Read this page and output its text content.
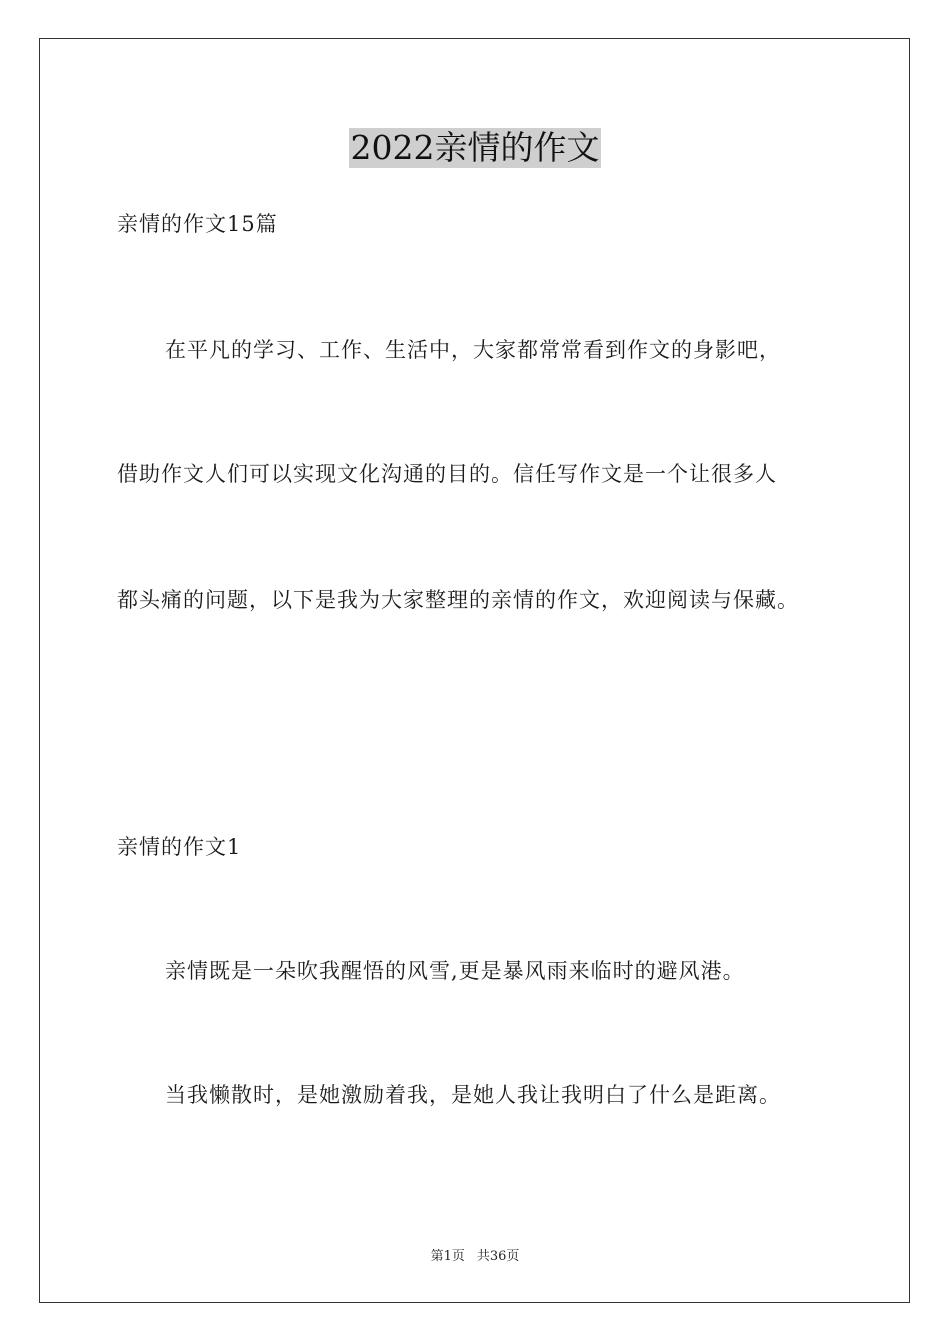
2022亲情的作文
亲情的作文15篇
在平凡的学习、工作、生活中，大家都常常看到作文的身影吧，
借助作文人们可以实现文化沟通的目的。信任写作文是一个让很多人
都头痛的问题，以下是我为大家整理的亲情的作文，欢迎阅读与保藏。
亲情的作文1
亲情既是一朵吹我醒悟的风雪,更是暴风雨来临时的避风港。
当我懒散时，是她激励着我，是她人我让我明白了什么是距离。
第1页 共36页
